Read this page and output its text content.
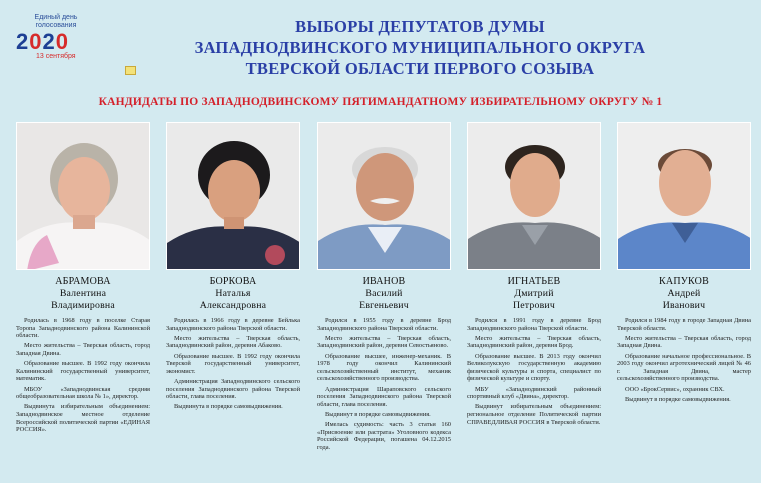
Единый день голосования
2020
13 сентября
ВЫБОРЫ ДЕПУТАТОВ ДУМЫ
ЗАПАДНОДВИНСКОГО МУНИЦИПАЛЬНОГО ОКРУГА
ТВЕРСКОЙ ОБЛАСТИ ПЕРВОГО СОЗЫВА
КАНДИДАТЫ ПО ЗАПАДНОДВИНСКОМУ ПЯТИМАНДАТНОМУ ИЗБИРАТЕЛЬНОМУ ОКРУГУ № 1
АБРАМОВА
Валентина
Владимировна

Родилась в 1968 году в поселке Старая Торопа Западнодвинского района Калининской области.

Место жительства – Тверская область, город Западная Двина.

Образование высшее. В 1992 году окончила Калининский государственный университет, математик.

МБОУ «Западнодвинская средняя общеобразовательная школа № 1», директор.

Выдвинута избирательным объединением: Западнодвинское местное отделение Всероссийской политической партии «ЕДИНАЯ РОССИЯ».

БОРКОВА
Наталья
Александровна

Родилась в 1966 году в деревне Бейлька Западнодвинского района Тверской области.

Место жительства – Тверская область, Западнодвинский район, деревня Абаково.

Образование высшее. В 1992 году окончила Тверской государственный университет, экономист.

Администрация Западнодвинского сельского поселения Западнодвинского района Тверской области, глава поселения.

Выдвинута в порядке самовыдвижения.

ИВАНОВ
Василий
Евгеньевич

Родился в 1955 году в деревне Брод Западнодвинского района Тверской области.

Место жительства – Тверская область, Западнодвинский район, деревня Севостьяново.

Образование высшее, инженер-механик. В 1978 году окончил Калининский сельскохозяйственный институт, механик сельскохозяйственного производства.

Администрация Шараповского сельского поселения Западнодвинского района Тверской области, глава поселения.

Выдвинут в порядке самовыдвижения.

Имелась судимость: часть 3 статьи 160 «Присвоение или растрата» Уголовного кодекса Российской Федерации, погашена 04.12.2015 года.

ИГНАТЬЕВ
Дмитрий
Петрович

Родился в 1991 году в деревне Брод Западнодвинского района Тверской области.

Место жительства – Тверская область, Западнодвинский район, деревня Брод.

Образование высшее. В 2013 году окончил Великолукскую государственную академию физической культуры и спорта, специалист по физической культуре и спорту.

МБУ «Западнодвинский районный спортивный клуб «Двина», директор.

Выдвинут избирательным объединением: региональное отделение Политической партии СПРАВЕДЛИВАЯ РОССИЯ в Тверской области.

КАПУКОВ
Андрей
Иванович

Родился в 1984 году в городе Западная Двина Тверской области.

Место жительства – Тверская область, город Западная Двина.

Образование начальное профессиональное. В 2003 году окончил агротехнический лицей № 46 г. Западная Двина, мастер сельскохозяйственного производства.

ООО «БрокСервис», охранник СВХ.

Выдвинут в порядке самовыдвижения.
